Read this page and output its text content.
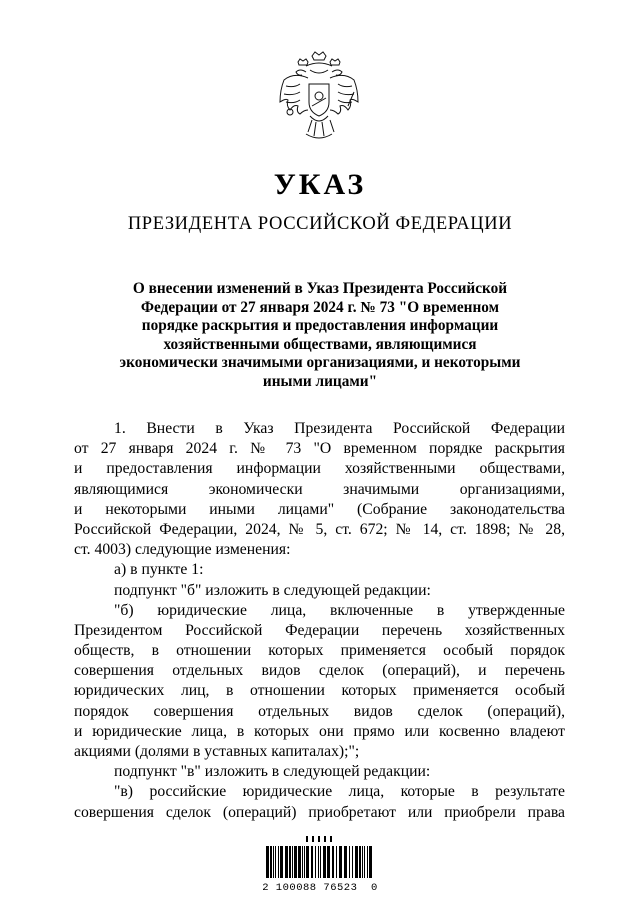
УКАЗ
ПРЕЗИДЕНТА РОССИЙСКОЙ ФЕДЕРАЦИИ
О внесении изменений в Указ Президента Российской
Федерации от 27 января 2024 г. № 73 "О временном
порядке раскрытия и предоставления информации
хозяйственными обществами, являющимися
экономически значимыми организациями, и некоторыми
иными лицами"
1. Внести в Указ Президента Российской Федерации
от 27 января 2024 г. № 73 "О временном порядке раскрытия
и предоставления информации хозяйственными обществами,
являющимися экономически значимыми организациями,
и некоторыми иными лицами" (Собрание законодательства
Российской Федерации, 2024, № 5, ст. 672; № 14, ст. 1898; № 28,
ст. 4003) следующие изменения:
а) в пункте 1:
подпункт "б" изложить в следующей редакции:
"б) юридические лица, включенные в утвержденные
Президентом Российской Федерации перечень хозяйственных
обществ, в отношении которых применяется особый порядок
совершения отдельных видов сделок (операций), и перечень
юридических лиц, в отношении которых применяется особый
порядок совершения отдельных видов сделок (операций),
и юридические лица, в которых они прямо или косвенно владеют
акциями (долями в уставных капиталах);";
подпункт "в" изложить в следующей редакции:
"в) российские юридические лица, которые в результате
совершения сделок (операций) приобретают или приобрели права
2 100088 76523  0
